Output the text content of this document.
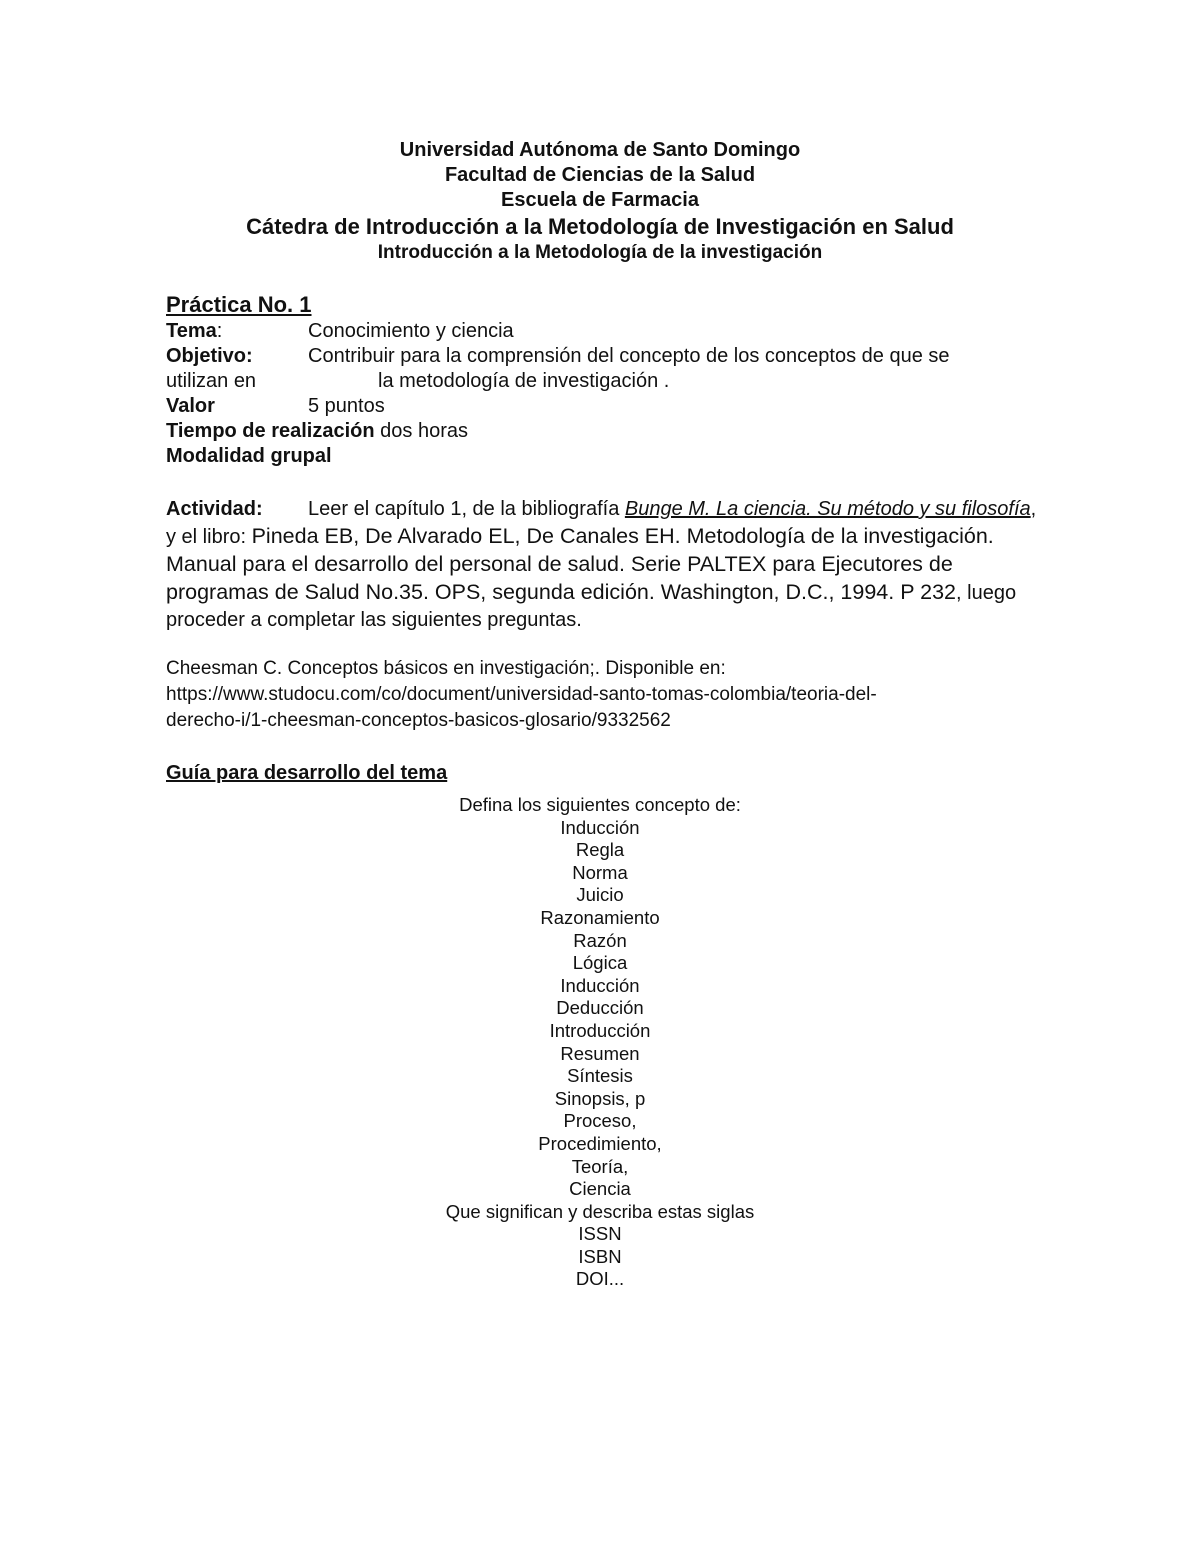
Universidad Autónoma de Santo Domingo
Facultad de Ciencias de la Salud
Escuela de Farmacia
Cátedra de Introducción a la Metodología de Investigación en Salud
Introducción a la Metodología de la investigación
Práctica No. 1
Tema:	Conocimiento y ciencia
Objetivo:	Contribuir para la comprensión del concepto de los conceptos de que se
utilizan en	la metodología de investigación .
Valor	5 puntos
Tiempo de realización dos horas
Modalidad grupal
Actividad: Leer el capítulo 1, de la bibliografía Bunge M. La ciencia. Su método y su filosofía, y el libro: Pineda EB, De Alvarado EL, De Canales EH. Metodología de la investigación. Manual para el desarrollo del personal de salud. Serie PALTEX para Ejecutores de programas de Salud No.35. OPS, segunda edición. Washington, D.C., 1994. P 232, luego proceder a completar las siguientes preguntas.
Cheesman C. Conceptos básicos en investigación;. Disponible en:
https://www.studocu.com/co/document/universidad-santo-tomas-colombia/teoria-del-
derecho-i/1-cheesman-conceptos-basicos-glosario/9332562
Guía para desarrollo del tema
Defina los siguientes concepto de:
Inducción
Regla
Norma
Juicio
Razonamiento
Razón
Lógica
Inducción
Deducción
Introducción
Resumen
Síntesis
Sinopsis, p
Proceso,
Procedimiento,
Teoría,
Ciencia
Que significan y describa estas siglas
ISSN
ISBN
DOI...
